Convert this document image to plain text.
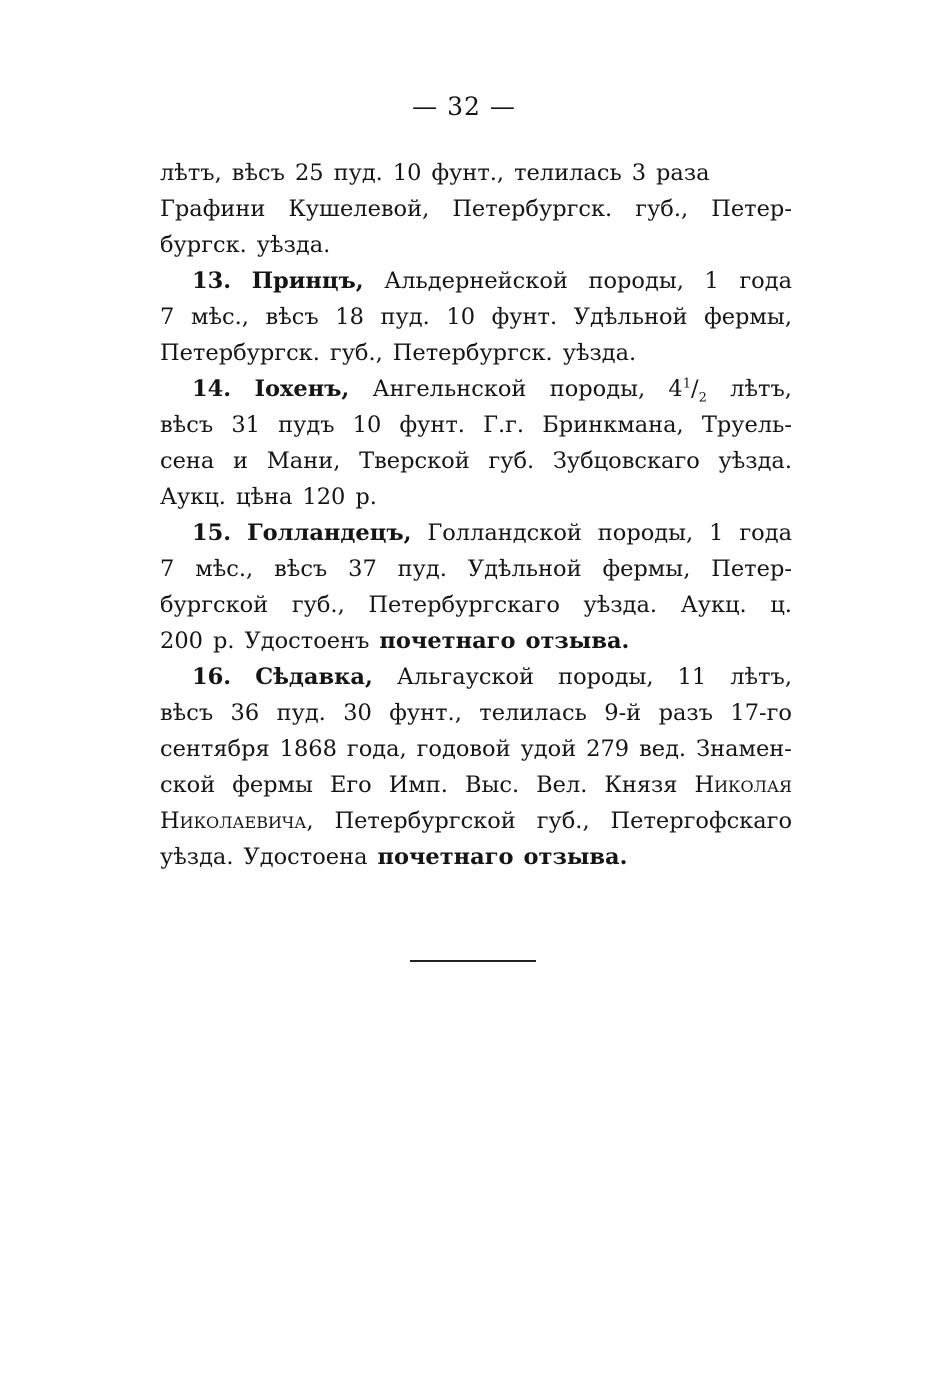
— 32 —
лѣтъ, вѣсъ 25 пуд. 10 фунт., телилась 3 раза
Графини Кушелевой, Петербургск. губ., Петер-
бургск. уѣзда.
13. Принцъ, Альдернейской породы, 1 года
7 мѣс., вѣсъ 18 пуд. 10 фунт. Удѣльной фермы,
Петербургск. губ., Петербургск. уѣзда.
14. Іохенъ, Ангельнской породы, $4^1/_2$ лѣтъ,
вѣсъ 31 пудъ 10 фунт. Г.г. Бринкмана, Труель-
сена и Мани, Тверской губ. Зубцовскаго уѣзда.
Аукц. цѣна 120 р.
15. Голландецъ, Голландской породы, 1 года
7 мѣс., вѣсъ 37 пуд. Удѣльной фермы, Петер-
бургской губ., Петербургскаго уѣзда. Аукц. ц.
200 р. Удостоенъ почетнаго отзыва.
16. Сѣдавка, Альгауской породы, 11 лѣтъ,
вѣсъ 36 пуд. 30 фунт., телилась 9-й разъ 17-го
сентября 1868 года, годовой удой 279 вед. Знамен-
ской фермы Его Имп. Выс. Вел. Князя Николая
Николаевича, Петербургской губ., Петергофскаго
уѣзда. Удостоена почетнаго отзыва.
